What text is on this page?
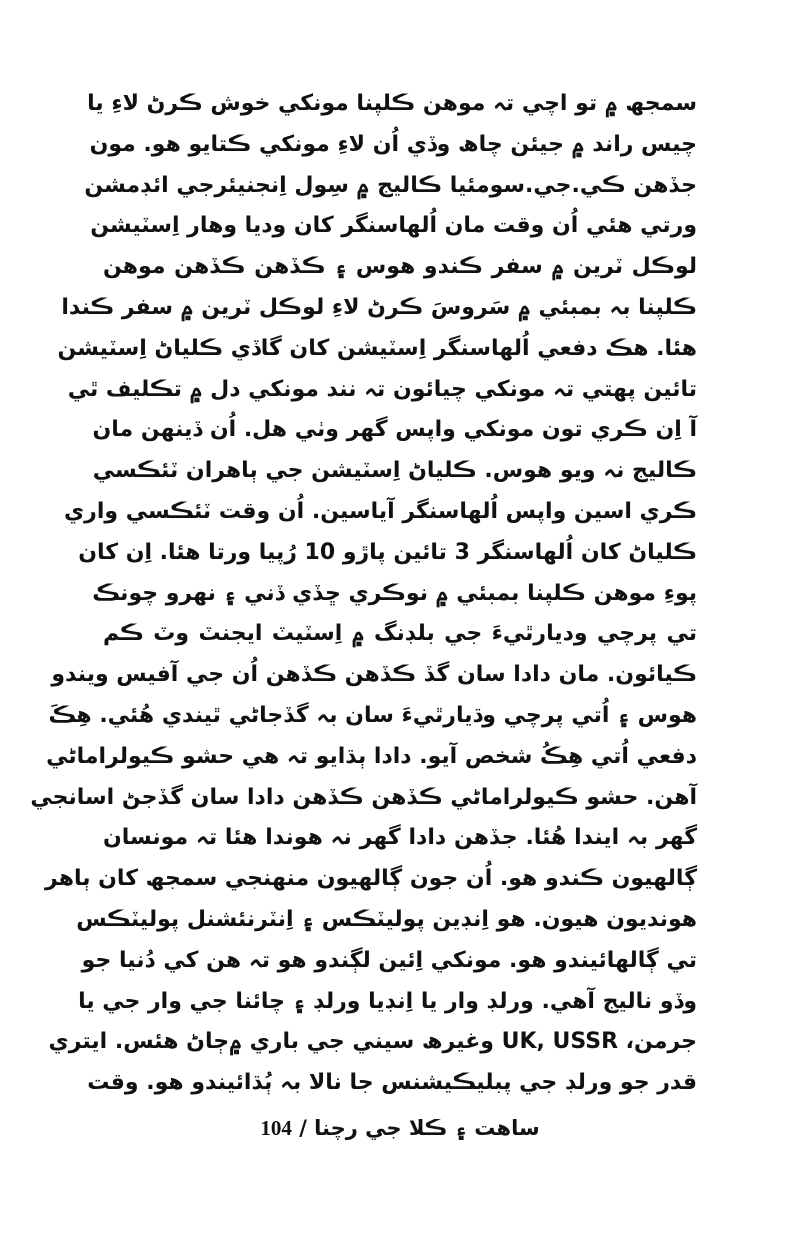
سمجھ ۾ تو اچي تہ موھن ڪلپنا مونکي خوش ڪرڻ لاءِ يا
چيس راند ۾ جيئن چاھ وڏي اُن لاءِ مونکي ڪتايو ھو. مون
جڏھن ڪي.جي.سومئيا ڪاليج ۾ سِول اِنجنيئرجي ائڊمشن
ورتي ھئي اُن وقت مان اُلھاسنگر کان وديا وھار اِسٽيشن
لوڪل ٽرين ۾ سفر ڪندو ھوس ۽ ڪڏھن ڪڏھن موھن
ڪلپنا بہ بمبئي ۾ سَروسَ ڪرڻ لاءِ لوڪل ٽرين ۾ سفر ڪندا
ھئا. ھڪ دفعي اُلھاسنگر اِسٽيشن کان گاڏي ڪلياڻ اِسٽيشن
تائين پھتي تہ مونکي چيائون تہ نند مونکي دل ۾ تڪليف ٿي
آ اِن ڪري تون مونکي واپس گھر وٺي ھل. اُن ڏينھن مان
ڪاليج نہ ويو ھوس. ڪلياڻ اِسٽيشن جي ٻاھران ٽئڪسي
ڪري اسين واپس اُلھاسنگر آياسين. اُن وقت ٽئڪسي واري
ڪلياڻ کان اُلھاسنگر 3 تائين پاڙو 10 رُپيا ورتا ھئا. اِن کان
پوءِ موھن ڪلپنا بمبئي ۾ نوڪري ڇڏي ڏني ۽ نھرو چونڪ
تي پرچي وديارٿيءَ جي بلڊنگ ۾ اِسٽيٽ ايجنٽ وٽ ڪم
ڪيائون. مان دادا سان گڏ ڪڏھن ڪڏھن اُن جي آفيس ويندو
ھوس ۽ اُتي پرچي وڌيارٿيءَ سان بہ گڏجاڻي ٿيندي ھُئي. ھِڪَ
دفعي اُتي ھِڪُ شخص آيو. دادا ٻڌايو تہ ھي حشو ڪيولراماڻي
آھن. حشو ڪيولراماڻي ڪڏھن ڪڏھن دادا سان گڏجڻ اسانجي
گھر بہ ايندا ھُئا. جڏھن دادا گھر نہ ھوندا ھئا تہ مونسان
ڳالھيون ڪندو ھو. اُن جون ڳالھيون منھنجي سمجھ کان ٻاھر
ھونديون ھيون. ھو اِنڊين پوليٽڪس ۽ اِنٽرنئشنل پوليٽڪس
تي ڳالھائيندو ھو. مونکي اِئين لڳندو ھو تہ ھن کي دُنيا جو
وڏو ناليج آھي. ورلڊ وار يا اِنڊيا ورلڊ ۽ چائنا جي وار جي يا
جرمن، UK, USSR وغيرھ سيني جي باري ۾ڄاڻ ھئس. ايتري
قدر جو ورلڊ جي پبليڪيشنس جا نالا بہ ٻُڌائيندو ھو. وقت
ساھت ۽ ڪلا جي رچنا / 104
